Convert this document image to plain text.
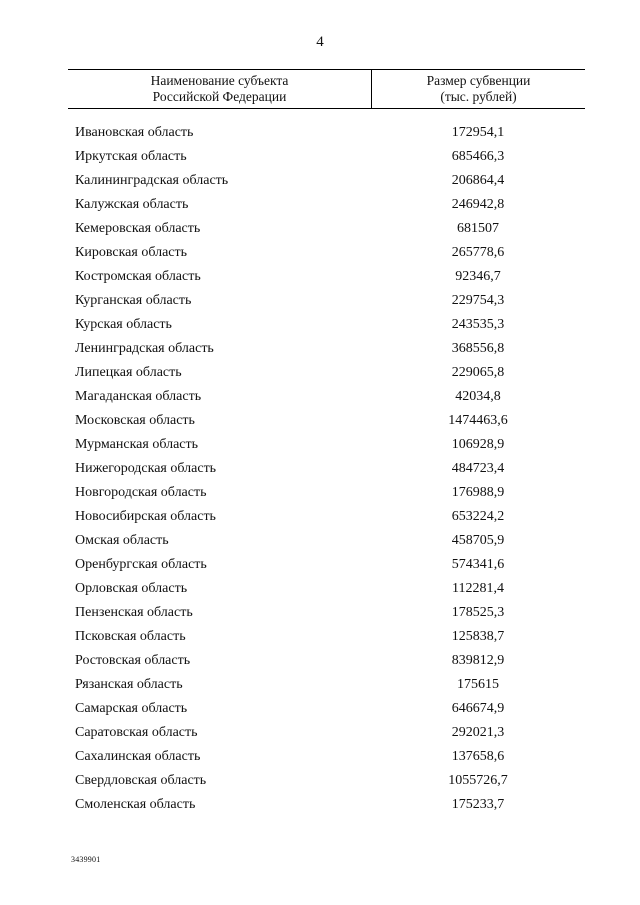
4
Наименование субъекта
Российской Федерации
Размер субвенции
(тыс. рублей)
Ивановская область	172954,1
Иркутская область	685466,3
Калининградская область	206864,4
Калужская область	246942,8
Кемеровская область	681507
Кировская область	265778,6
Костромская область	92346,7
Курганская область	229754,3
Курская область	243535,3
Ленинградская область	368556,8
Липецкая область	229065,8
Магаданская область	42034,8
Московская область	1474463,6
Мурманская область	106928,9
Нижегородская область	484723,4
Новгородская область	176988,9
Новосибирская область	653224,2
Омская область	458705,9
Оренбургская область	574341,6
Орловская область	112281,4
Пензенская область	178525,3
Псковская область	125838,7
Ростовская область	839812,9
Рязанская область	175615
Самарская область	646674,9
Саратовская область	292021,3
Сахалинская область	137658,6
Свердловская область	1055726,7
Смоленская область	175233,7
3439901
